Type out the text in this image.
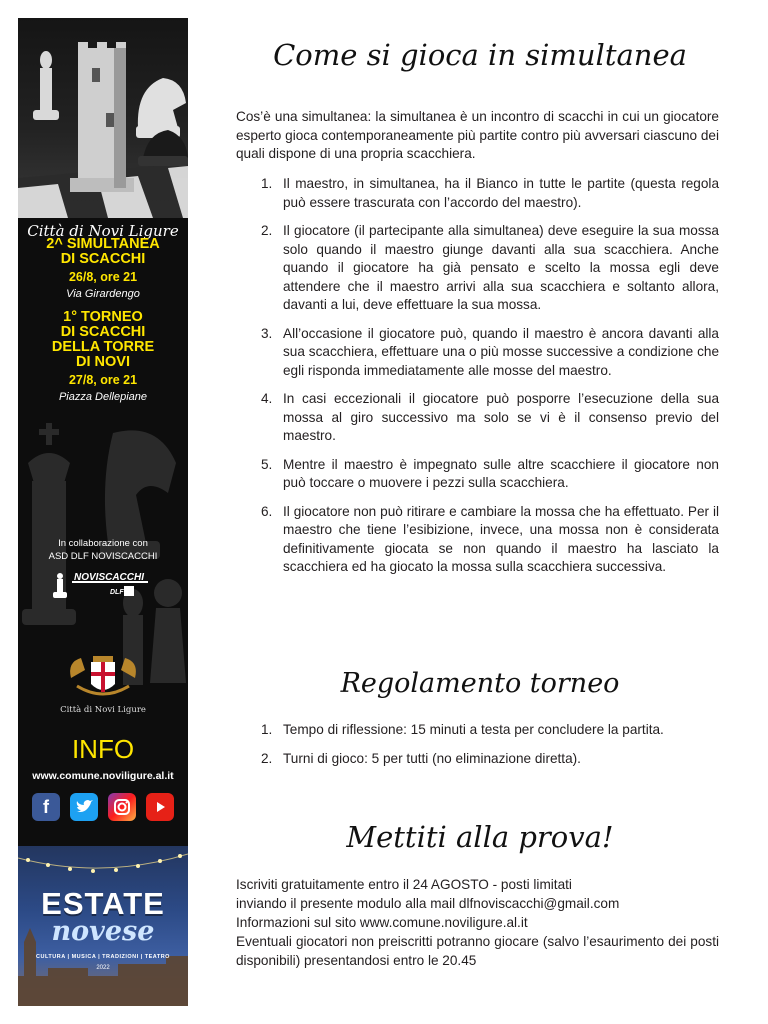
Città di Novi Ligure
2^ SIMULTANEA
DI SCACCHI
26/8, ore 21
Via Girardengo
1° TORNEO
DI SCACCHI
DELLA TORRE
DI NOVI
27/8, ore 21
Piazza Dellepiane
In collaborazione con
ASD DLF NOVISCACCHI
NOVISCACCHI
DLF
Città di Novi Ligure
INFO
www.comune.noviligure.al.it
f
ESTATE
novese
CULTURA | MUSICA | TRADIZIONI | TEATRO
2022
Come si gioca in simultanea
Cos’è una simultanea: la simultanea è un incontro di scacchi in cui un giocatore esperto gioca contemporaneamente più partite contro più avversari ciascuno dei quali dispone di una propria scacchiera.
1. Il maestro, in simultanea, ha il Bianco in tutte le partite (questa regola può essere trascurata con l’accordo del maestro).
2. Il giocatore (il partecipante alla simultanea) deve eseguire la sua mossa solo quando il maestro giunge davanti alla sua scacchiera. Anche quando il giocatore ha già pensato e scelto la mossa egli deve attendere che il maestro arrivi alla sua scacchiera e soltanto allora, davanti a lui, deve effettuare la sua mossa.
3. All’occasione il giocatore può, quando il maestro è ancora davanti alla sua scacchiera, effettuare una o più mosse successive a condizione che egli risponda immediatamente alle mosse del maestro.
4. In casi eccezionali il giocatore può posporre l’esecuzione della sua mossa al giro successivo ma solo se vi è il consenso previo del maestro.
5. Mentre il maestro è impegnato sulle altre scacchiere il giocatore non può toccare o muovere i pezzi sulla scacchiera.
6. Il giocatore non può ritirare e cambiare la mossa che ha effettuato. Per il maestro che tiene l’esibizione, invece, una mossa non è considerata definitivamente giocata se non quando il maestro ha lasciato la scacchiera ed ha giocato la mossa sulla scacchiera successiva.
Regolamento torneo
1. Tempo di riflessione: 15 minuti a testa per concludere la partita.
2. Turni di gioco: 5 per tutti (no eliminazione diretta).
Mettiti alla prova!
Iscriviti gratuitamente entro il 24 AGOSTO - posti limitati
inviando il presente modulo alla mail dlfnoviscacchi@gmail.com
Informazioni sul sito www.comune.noviligure.al.it
Eventuali giocatori non preiscritti potranno giocare (salvo l’esaurimento dei posti disponibili) presentandosi entro le 20.45
